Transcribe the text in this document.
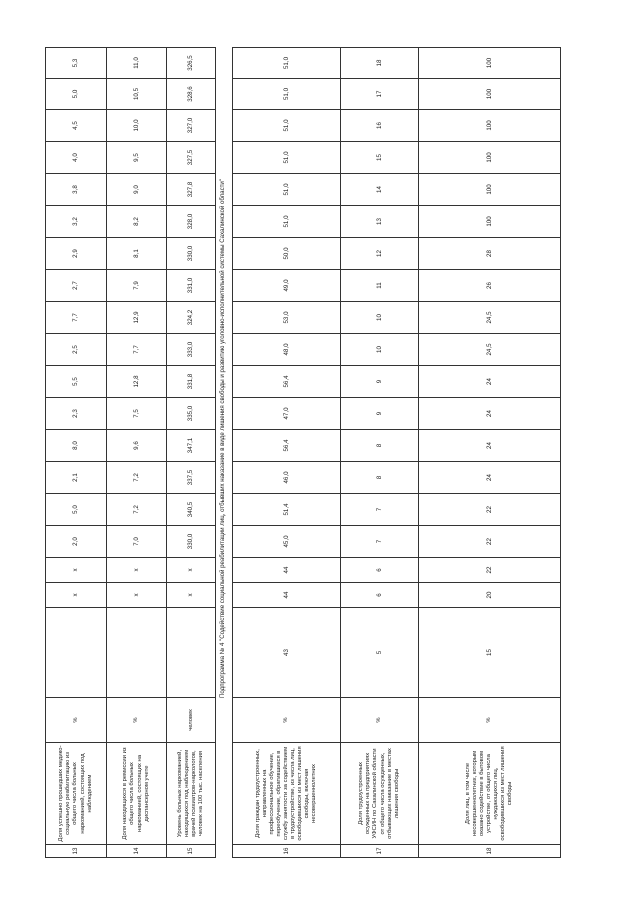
13	Доля успешно прошедших медико-социальную реабилитацию из общего числа больных наркоманией, состоящих под наблюдением	%		x	x	2,0	5,0	2,1	8,0	2,3	5,5	2,5	7,7	2,7	2,9	3,2	3,8	4,0	4,5	5,0	5,3
14	Доля находящихся в ремиссии из общего числа больных наркоманией, состоящих на диспансерном учете	%		x	x	7,0	7,2	7,2	9,6	7,5	12,8	7,7	12,9	7,9	8,1	8,2	9,0	9,5	10,0	10,5	11,0
15	Уровень больных наркоманией, находящихся под наблюдением врачей психиатров-наркологов, человек на 100 тыс. населения	человек		x	x	330,0	340,5	337,5	347,1	335,0	331,8	333,0	324,2	331,0	330,0	328,0	327,8	327,5	327,0	328,6	326,5
Подпрограмма № 4 "Содействие социальной реабилитации лиц, отбывших наказание в виде лишения свободы и развитию уголовно-исполнительной системы Сахалинской области"
16	Доля граждан трудоустроенных, направленных на профессиональное обучение, переобучение, обратившихся в службу занятости за содействием в трудоустройстве, из числа лиц, освободившихся из мест лишения свободы, включая несовершеннолетних	%	43	44	44	45,0	51,4	46,0	56,4	47,0	56,4	48,0	53,0	49,0	50,0	51,0	51,0	51,0	51,0	51,0	51,0
17	Доля трудоустроенных осужденных на предприятиях УФСИН по Сахалинской области от общего числа осужденных, отбывающих наказание в местах лишения свободы	%	5	6	6	7	7	8	8	9	9	10	10	11	12	13	14	15	16	17	18
18	Доля лиц, в том числе несовершеннолетних, которым оказано содействие в бытовом устройстве, от общего числа нуждающихся лиц, освободившихся из мест лишения свободы	%	15	20	22	22	22	24	24	24	24	24,5	24,5	26	28	100	100	100	100	100	100
